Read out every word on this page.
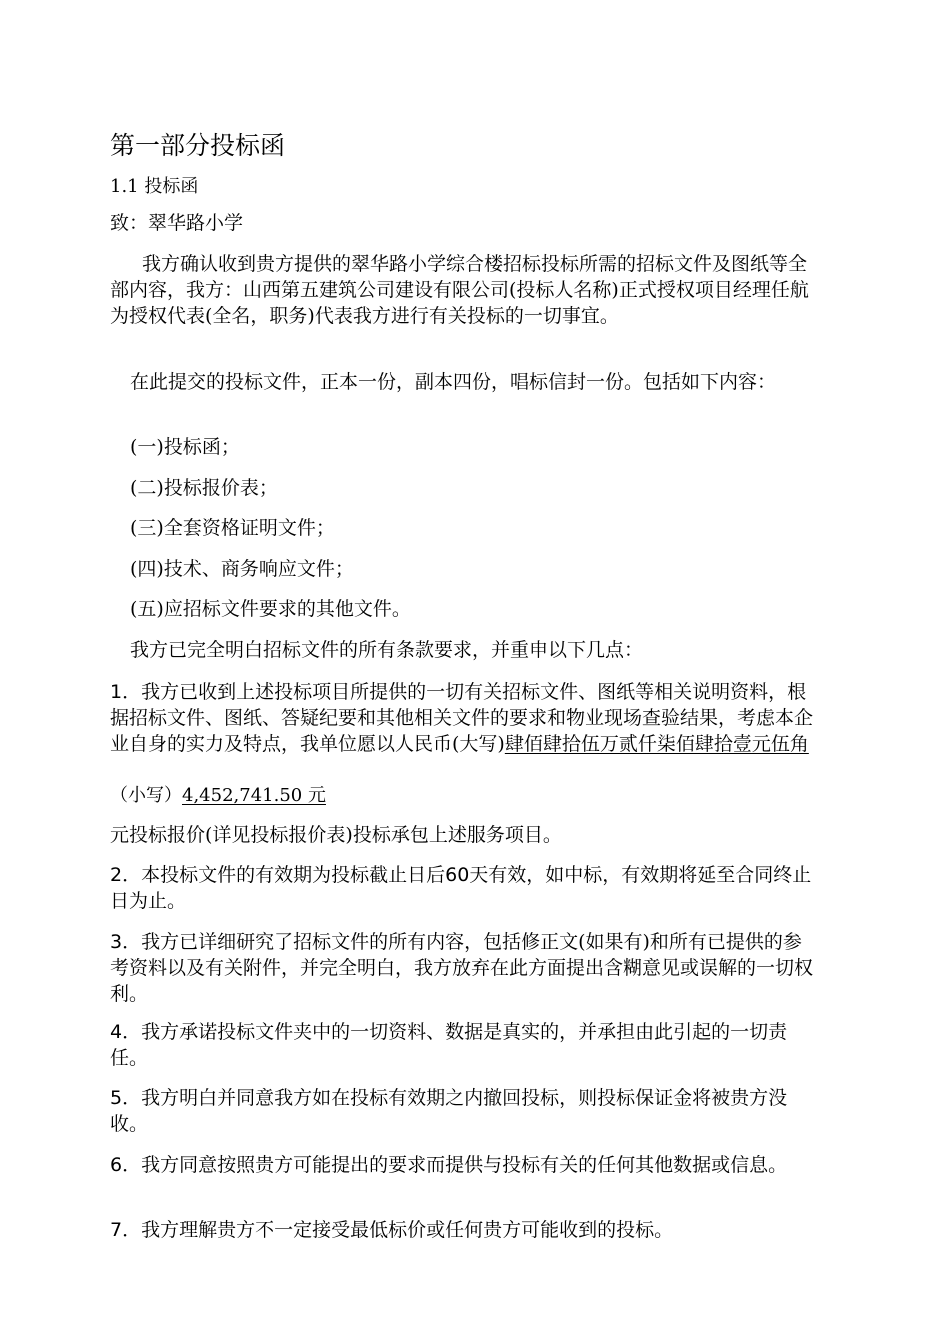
第一部分投标函
1.1 投标函
致：翠华路小学
我方确认收到贵方提供的翠华路小学综合楼招标投标所需的招标文件及图纸等全部内容，我方：山西第五建筑公司建设有限公司(投标人名称)正式授权项目经理任航为授权代表(全名，职务)代表我方进行有关投标的一切事宜。
在此提交的投标文件，正本一份，副本四份，唱标信封一份。包括如下内容：
(一)投标函；
(二)投标报价表；
(三)全套资格证明文件；
(四)技术、商务响应文件；
(五)应招标文件要求的其他文件。
我方已完全明白招标文件的所有条款要求，并重申以下几点：
1．我方已收到上述投标项目所提供的一切有关招标文件、图纸等相关说明资料，根据招标文件、图纸、答疑纪要和其他相关文件的要求和物业现场查验结果，考虑本企业自身的实力及特点，我单位愿以人民币(大写)肆佰肆拾伍万贰仟柒佰肆拾壹元伍角
（小写）4,452,741.50 元
元投标报价(详见投标报价表)投标承包上述服务项目。
2．本投标文件的有效期为投标截止日后60天有效，如中标，有效期将延至合同终止日为止。
3．我方已详细研究了招标文件的所有内容，包括修正文(如果有)和所有已提供的参考资料以及有关附件，并完全明白，我方放弃在此方面提出含糊意见或误解的一切权利。
4．我方承诺投标文件夹中的一切资料、数据是真实的，并承担由此引起的一切责任。
5．我方明白并同意我方如在投标有效期之内撤回投标，则投标保证金将被贵方没收。
6．我方同意按照贵方可能提出的要求而提供与投标有关的任何其他数据或信息。
7．我方理解贵方不一定接受最低标价或任何贵方可能收到的投标。
